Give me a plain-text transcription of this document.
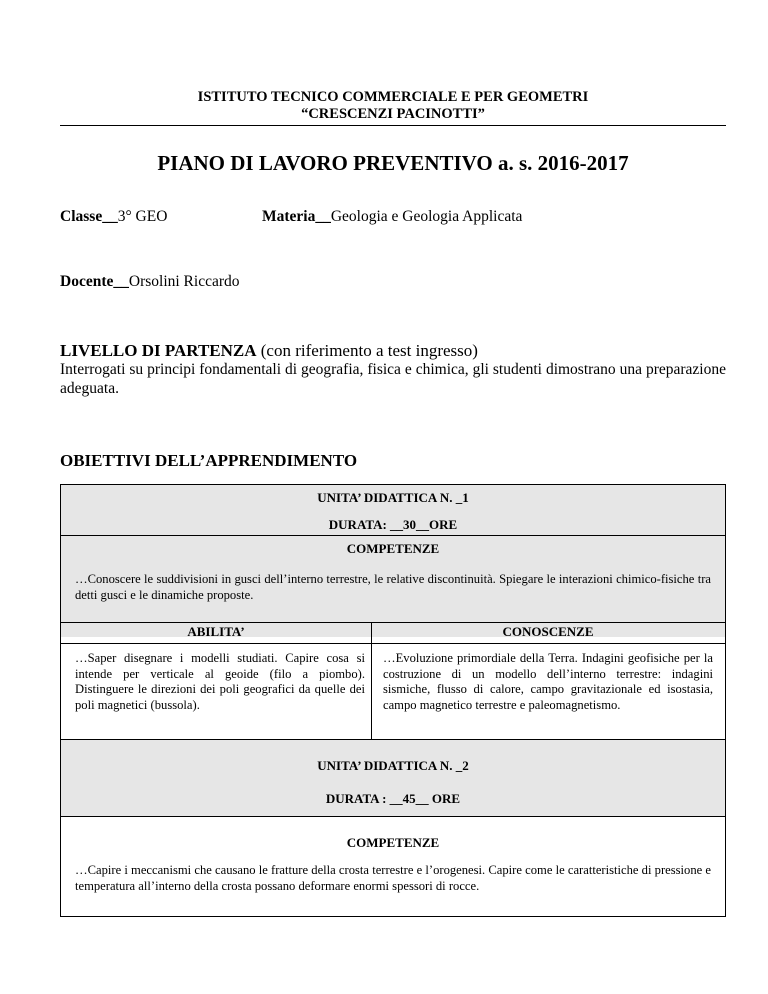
ISTITUTO TECNICO COMMERCIALE E PER GEOMETRI
“CRESCENZI PACINOTTI”
PIANO DI LAVORO PREVENTIVO a. s. 2016-2017
Classe__3° GEO	Materia__Geologia e Geologia Applicata
Docente__Orsolini Riccardo
LIVELLO DI PARTENZA (con riferimento a test ingresso)
Interrogati su principi fondamentali di geografia, fisica e chimica, gli studenti dimostrano una preparazione adeguata.
OBIETTIVI DELL’APPRENDIMENTO
UNITA’ DIDATTICA N. _1
DURATA: __30__ORE
COMPETENZE
…Conoscere le suddivisioni in gusci dell’interno terrestre, le relative discontinuità. Spiegare le interazioni chimico-fisiche tra detti gusci e le dinamiche proposte.
ABILITA’	CONOSCENZE
…Saper disegnare i modelli studiati. Capire cosa si intende per verticale al geoide (filo a piombo). Distinguere le direzioni dei poli geografici da quelle dei poli magnetici (bussola).
…Evoluzione primordiale della Terra. Indagini geofisiche per la costruzione di un modello dell’interno terrestre: indagini sismiche, flusso di calore, campo gravitazionale ed isostasia, campo magnetico terrestre e paleomagnetismo.
UNITA’ DIDATTICA N. _2
DURATA : __45__ ORE
COMPETENZE
…Capire i meccanismi che causano le fratture della crosta terrestre e l’orogenesi. Capire come le caratteristiche di pressione e temperatura all’interno della crosta possano deformare enormi spessori di rocce.
